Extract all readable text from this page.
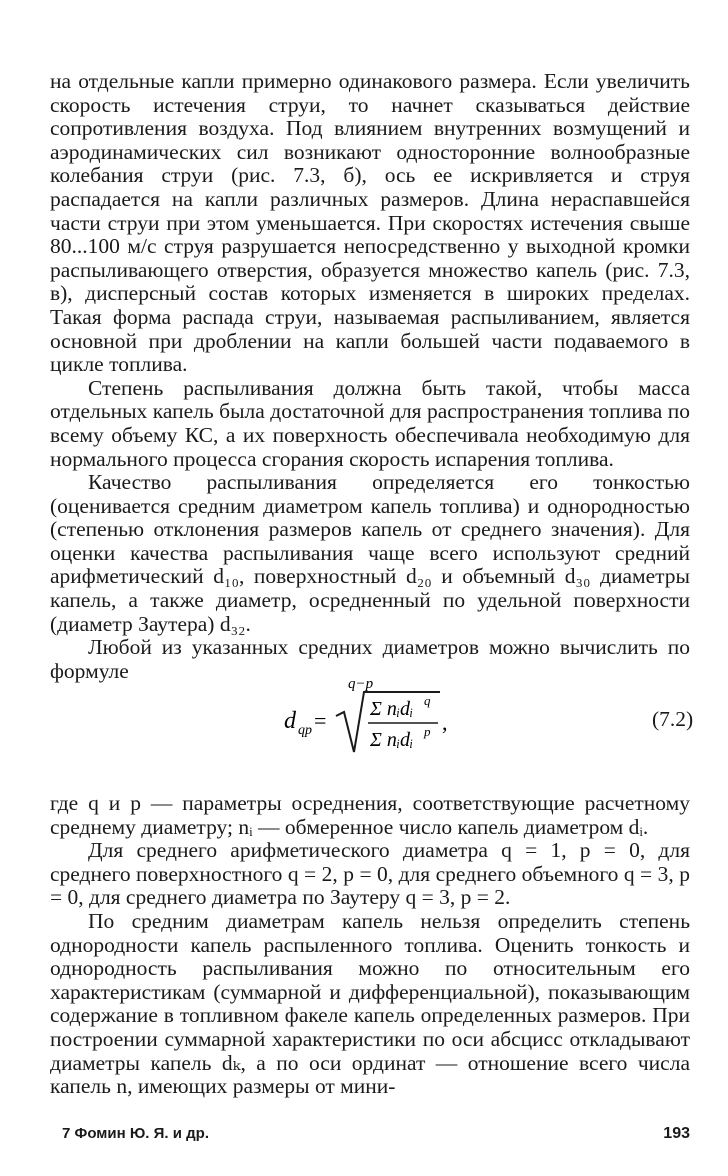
на отдельные капли примерно одинакового размера. Если увеличить скорость истечения струи, то начнет сказываться действие сопротивления воздуха. Под влиянием внутренних возмущений и аэродинамических сил возникают односторонние волнообразные колебания струи (рис. 7.3, б), ось ее искривляется и струя распадается на капли различных размеров. Длина нераспавшейся части струи при этом уменьшается. При скоростях истечения свыше 80...100 м/с струя разрушается непосредственно у выходной кромки распыливающего отверстия, образуется множество капель (рис. 7.3, в), дисперсный состав которых изменяется в широких пределах. Такая форма распада струи, называемая распыливанием, является основной при дроблении на капли большей части подаваемого в цикле топлива.

Степень распыливания должна быть такой, чтобы масса отдельных капель была достаточной для распространения топлива по всему объему КС, а их поверхность обеспечивала необходимую для нормального процесса сгорания скорость испарения топлива.

Качество распыливания определяется его тонкостью (оценивается средним диаметром капель топлива) и однородностью (степенью отклонения размеров капель от среднего значения). Для оценки качества распыливания чаще всего используют средний арифметический d₁₀, поверхностный d₂₀ и объемный d₃₀ диаметры капель, а также диаметр, осредненный по удельной поверхности (диаметр Заутера) d₃₂.

Любой из указанных средних диаметров можно вычислить по формуле

q−p
d qp = Σ nᵢdᵢ q
Σ nᵢdᵢ p ,	(7.2)

где q и p — параметры осреднения, соответствующие расчетному среднему диаметру; nᵢ — обмеренное число капель диаметром dᵢ.

Для среднего арифметического диаметра q = 1, p = 0, для среднего поверхностного q = 2, p = 0, для среднего объемного q = 3, p = 0, для среднего диаметра по Заутеру q = 3, p = 2.

По средним диаметрам капель нельзя определить степень однородности капель распыленного топлива. Оценить тонкость и однородность распыливания можно по относительным его характеристикам (суммарной и дифференциальной), показывающим содержание в топливном факеле капель определенных размеров. При построении суммарной характеристики по оси абсцисс откладывают диаметры капель dₖ, а по оси ординат — отношение всего числа капель n, имеющих размеры от мини-

7 Фомин Ю. Я. и др.	193
